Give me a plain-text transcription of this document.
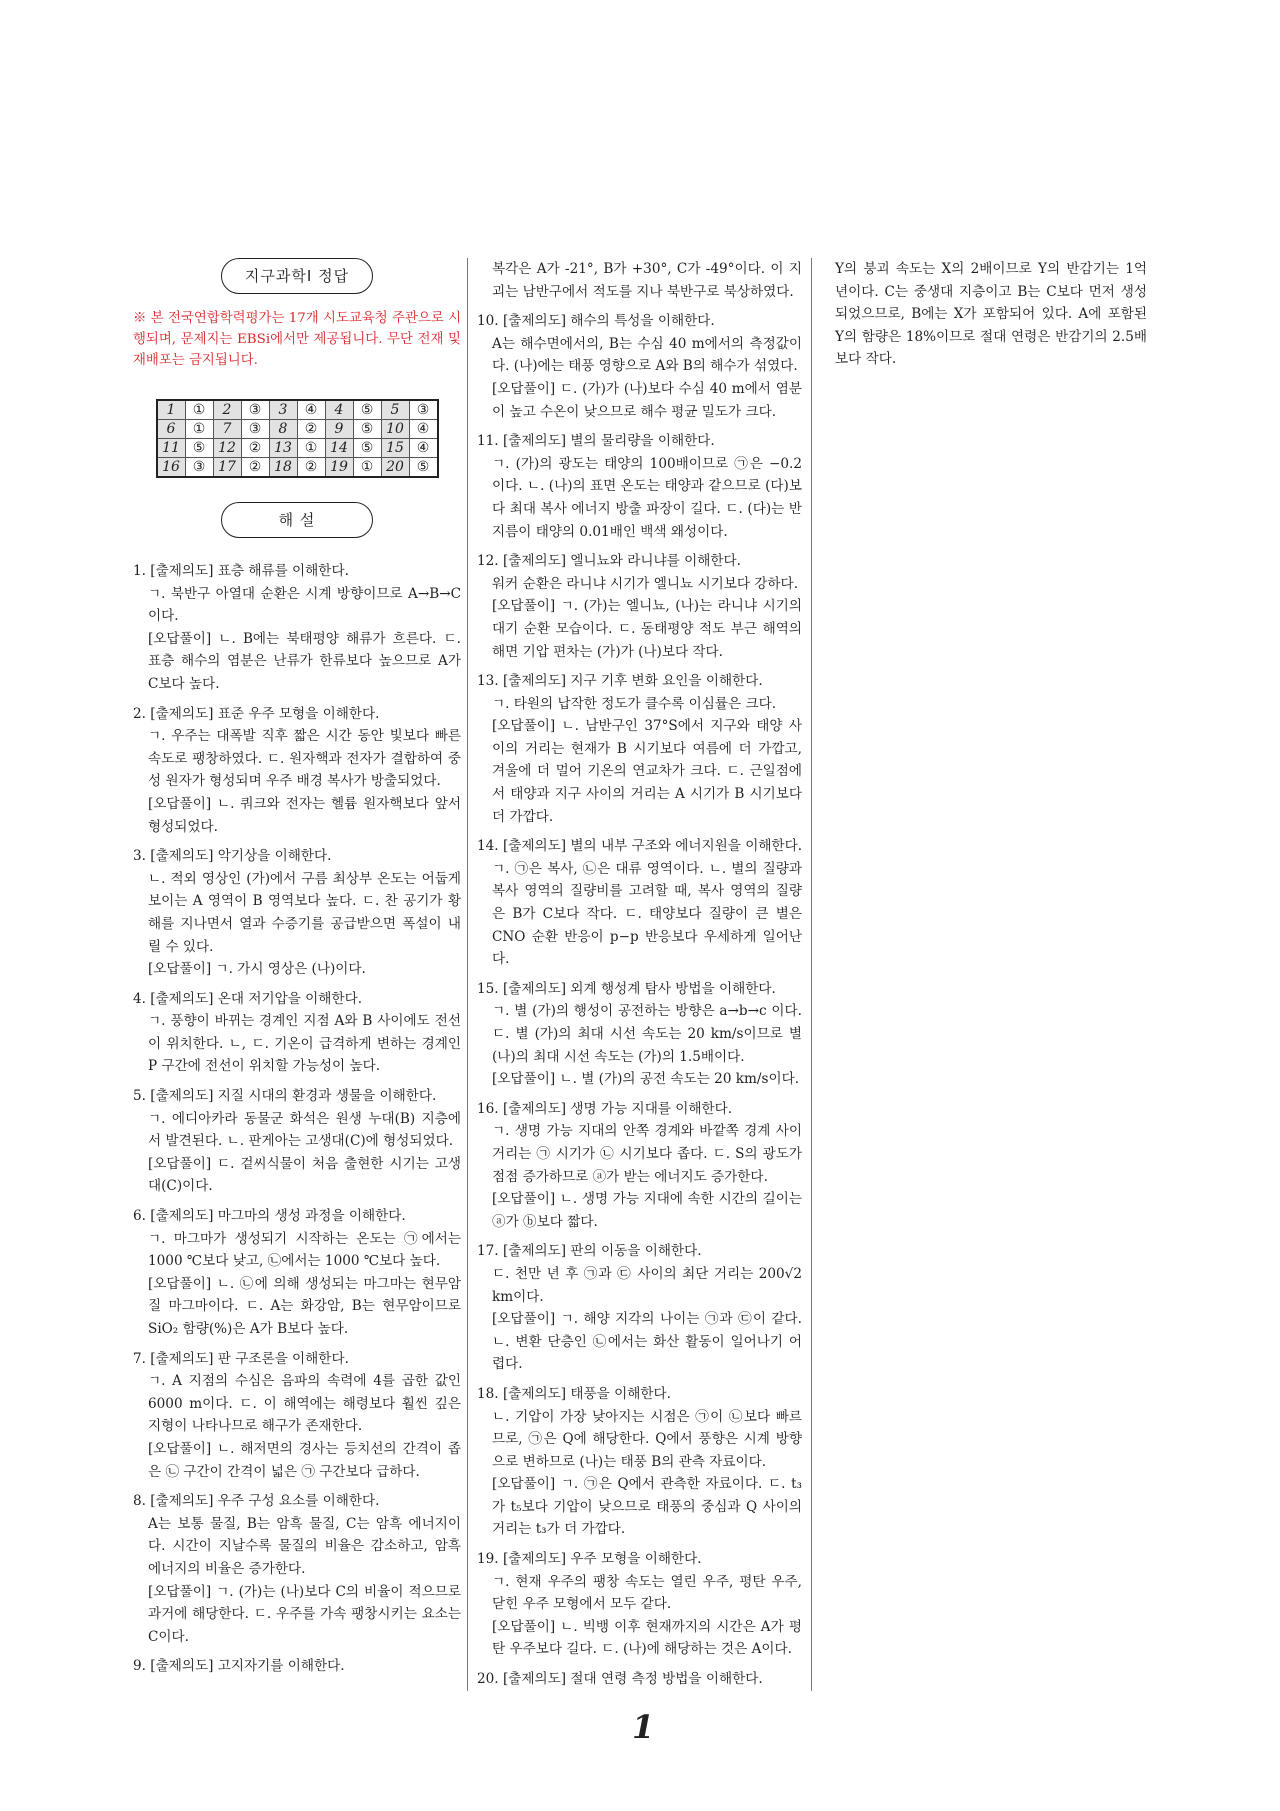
지구과학Ⅰ 정답
※ 본 전국연합학력평가는 17개 시도교육청 주관으로 시행되며, 문제지는 EBSi에서만 제공됩니다. 무단 전재 및 재배포는 금지됩니다.
1	①	2	③	3	④	4	⑤	5	③
6	①	7	③	8	②	9	⑤	10	④
11	⑤	12	②	13	①	14	⑤	15	④
16	③	17	②	18	②	19	①	20	⑤
해 설
1. [출제의도] 표층 해류를 이해한다.
ㄱ. 북반구 아열대 순환은 시계 방향이므로 A→B→C이다.
[오답풀이] ㄴ. B에는 북태평양 해류가 흐른다. ㄷ. 표층 해수의 염분은 난류가 한류보다 높으므로 A가 C보다 높다.
2. [출제의도] 표준 우주 모형을 이해한다.
ㄱ. 우주는 대폭발 직후 짧은 시간 동안 빛보다 빠른 속도로 팽창하였다. ㄷ. 원자핵과 전자가 결합하여 중성 원자가 형성되며 우주 배경 복사가 방출되었다.
[오답풀이] ㄴ. 쿼크와 전자는 헬륨 원자핵보다 앞서 형성되었다.
3. [출제의도] 악기상을 이해한다.
ㄴ. 적외 영상인 (가)에서 구름 최상부 온도는 어둡게 보이는 A 영역이 B 영역보다 높다. ㄷ. 찬 공기가 황해를 지나면서 열과 수증기를 공급받으면 폭설이 내릴 수 있다.
[오답풀이] ㄱ. 가시 영상은 (나)이다.
4. [출제의도] 온대 저기압을 이해한다.
ㄱ. 풍향이 바뀌는 경계인 지점 A와 B 사이에도 전선이 위치한다. ㄴ, ㄷ. 기온이 급격하게 변하는 경계인 P 구간에 전선이 위치할 가능성이 높다.
5. [출제의도] 지질 시대의 환경과 생물을 이해한다.
ㄱ. 에디아카라 동물군 화석은 원생 누대(B) 지층에서 발견된다. ㄴ. 판게아는 고생대(C)에 형성되었다.
[오답풀이] ㄷ. 겉씨식물이 처음 출현한 시기는 고생대(C)이다.
6. [출제의도] 마그마의 생성 과정을 이해한다.
ㄱ. 마그마가 생성되기 시작하는 온도는 ㉠에서는 1000 ℃보다 낮고, ㉡에서는 1000 ℃보다 높다.
[오답풀이] ㄴ. ㉡에 의해 생성되는 마그마는 현무암질 마그마이다. ㄷ. A는 화강암, B는 현무암이므로 SiO₂ 함량(%)은 A가 B보다 높다.
7. [출제의도] 판 구조론을 이해한다.
ㄱ. A 지점의 수심은 음파의 속력에 4를 곱한 값인 6000 m이다. ㄷ. 이 해역에는 해령보다 훨씬 깊은 지형이 나타나므로 해구가 존재한다.
[오답풀이] ㄴ. 해저면의 경사는 등치선의 간격이 좁은 ㉡ 구간이 간격이 넓은 ㉠ 구간보다 급하다.
8. [출제의도] 우주 구성 요소를 이해한다.
A는 보통 물질, B는 암흑 물질, C는 암흑 에너지이다. 시간이 지날수록 물질의 비율은 감소하고, 암흑 에너지의 비율은 증가한다.
[오답풀이] ㄱ. (가)는 (나)보다 C의 비율이 적으므로 과거에 해당한다. ㄷ. 우주를 가속 팽창시키는 요소는 C이다.
9. [출제의도] 고지자기를 이해한다.
복각은 A가 -21°, B가 +30°, C가 -49°이다. 이 지괴는 남반구에서 적도를 지나 북반구로 북상하였다.
10. [출제의도] 해수의 특성을 이해한다.
A는 해수면에서의, B는 수심 40 m에서의 측정값이다. (나)에는 태풍 영향으로 A와 B의 해수가 섞였다.
[오답풀이] ㄷ. (가)가 (나)보다 수심 40 m에서 염분이 높고 수온이 낮으므로 해수 평균 밀도가 크다.
11. [출제의도] 별의 물리량을 이해한다.
ㄱ. (가)의 광도는 태양의 100배이므로 ㉠은 −0.2이다. ㄴ. (나)의 표면 온도는 태양과 같으므로 (다)보다 최대 복사 에너지 방출 파장이 길다. ㄷ. (다)는 반지름이 태양의 0.01배인 백색 왜성이다.
12. [출제의도] 엘니뇨와 라니냐를 이해한다.
워커 순환은 라니냐 시기가 엘니뇨 시기보다 강하다.
[오답풀이] ㄱ. (가)는 엘니뇨, (나)는 라니냐 시기의 대기 순환 모습이다. ㄷ. 동태평양 적도 부근 해역의 해면 기압 편차는 (가)가 (나)보다 작다.
13. [출제의도] 지구 기후 변화 요인을 이해한다.
ㄱ. 타원의 납작한 정도가 클수록 이심률은 크다.
[오답풀이] ㄴ. 남반구인 37°S에서 지구와 태양 사이의 거리는 현재가 B 시기보다 여름에 더 가깝고, 겨울에 더 멀어 기온의 연교차가 크다. ㄷ. 근일점에서 태양과 지구 사이의 거리는 A 시기가 B 시기보다 더 가깝다.
14. [출제의도] 별의 내부 구조와 에너지원을 이해한다.
ㄱ. ㉠은 복사, ㉡은 대류 영역이다. ㄴ. 별의 질량과 복사 영역의 질량비를 고려할 때, 복사 영역의 질량은 B가 C보다 작다. ㄷ. 태양보다 질량이 큰 별은 CNO 순환 반응이 p−p 반응보다 우세하게 일어난다.
15. [출제의도] 외계 행성계 탐사 방법을 이해한다.
ㄱ. 별 (가)의 행성이 공전하는 방향은 a→b→c 이다. ㄷ. 별 (가)의 최대 시선 속도는 20 km/s이므로 별 (나)의 최대 시선 속도는 (가)의 1.5배이다.
[오답풀이] ㄴ. 별 (가)의 공전 속도는 20 km/s이다.
16. [출제의도] 생명 가능 지대를 이해한다.
ㄱ. 생명 가능 지대의 안쪽 경계와 바깥쪽 경계 사이 거리는 ㉠ 시기가 ㉡ 시기보다 좁다. ㄷ. S의 광도가 점점 증가하므로 ⓐ가 받는 에너지도 증가한다.
[오답풀이] ㄴ. 생명 가능 지대에 속한 시간의 길이는 ⓐ가 ⓑ보다 짧다.
17. [출제의도] 판의 이동을 이해한다.
ㄷ. 천만 년 후 ㉠과 ㉢ 사이의 최단 거리는 200√2 km이다.
[오답풀이] ㄱ. 해양 지각의 나이는 ㉠과 ㉢이 같다. ㄴ. 변환 단층인 ㉡에서는 화산 활동이 일어나기 어렵다.
18. [출제의도] 태풍을 이해한다.
ㄴ. 기압이 가장 낮아지는 시점은 ㉠이 ㉡보다 빠르므로, ㉠은 Q에 해당한다. Q에서 풍향은 시계 방향으로 변하므로 (나)는 태풍 B의 관측 자료이다.
[오답풀이] ㄱ. ㉠은 Q에서 관측한 자료이다. ㄷ. t₃가 t₅보다 기압이 낮으므로 태풍의 중심과 Q 사이의 거리는 t₃가 더 가깝다.
19. [출제의도] 우주 모형을 이해한다.
ㄱ. 현재 우주의 팽창 속도는 열린 우주, 평탄 우주, 닫힌 우주 모형에서 모두 같다.
[오답풀이] ㄴ. 빅뱅 이후 현재까지의 시간은 A가 평탄 우주보다 길다. ㄷ. (나)에 해당하는 것은 A이다.
20. [출제의도] 절대 연령 측정 방법을 이해한다.
Y의 붕괴 속도는 X의 2배이므로 Y의 반감기는 1억 년이다. C는 중생대 지층이고 B는 C보다 먼저 생성되었으므로, B에는 X가 포함되어 있다. A에 포함된 Y의 함량은 18%이므로 절대 연령은 반감기의 2.5배보다 작다.
1
